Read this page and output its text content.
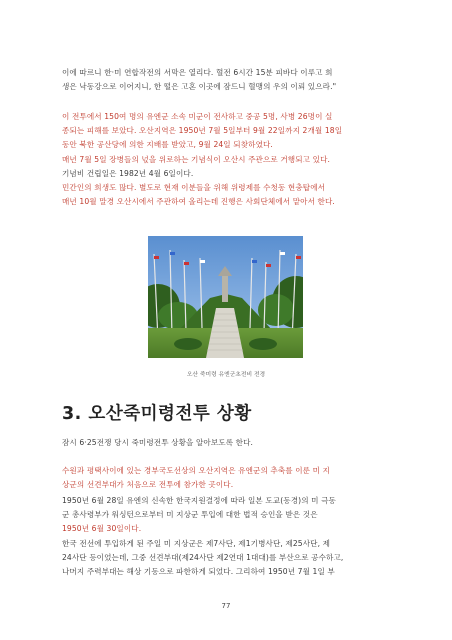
이에 따르니 한·미 연합작전의 서막은 열리다. 혈전 6시간 15분 피바다 이루고 희
생은 낙동강으로 이어지니, 한 떨은 고혼 이곳에 잠드니 혈맹의 우의 이뢰 있으라."
이 전투에서 150여 명의 유엔군 소속 미군이 전사하고 중공 5명, 사병 26명이 실
종되는 피해를 보았다. 오산지역은 1950년 7월 5일부터 9월 22일까지 2개월 18일
동안 북한 공산당에 의한 지배를 받았고, 9월 24일 되찾하였다.
매년 7월 5일 장병들의 넋을 위로하는 기념식이 오산시 주관으로 거행되고 있다.
기념비 건립일은 1982년 4월 6일이다.
민간인의 희생도 많다. 별도로 현재 이분들을 위해 위령제를 수청동 현충탑에서
매년 10월 말경 오산시에서 주관하여 올리는데 진행은 사회단체에서 맡아서 한다.
오산 죽미령 유엔군초전비 전경
3. 오산죽미령전투 상황
잠시 6·25전쟁 당시 죽미령전투 상황을 알아보도록 한다.
수원과 평택사이에 있는 경부국도선상의 오산지역은 유엔군의 추축를 이룬 미 지
상군의 선견부대가 처음으로 전투에 참가한 곳이다.
1950년 6월 28일 유엔의 신속한 한국지원결정에 따라 일본 도교(동경)의 미 극동
군 총사령부가 워싱턴으로부터 미 지상군 투입에 대한 법적 승인을 받은 것은
1950년 6월 30일이다.
한국 전선에 투입하게 된 주일 미 지상군은 제7사단, 제1기병사단, 제25사단, 제
24사단 등이었는데, 그중 선견부대(제24사단 제2연대 1대대)를 부산으로 공수하고,
나머지 주력부대는 해상 기동으로 파한하게 되었다. 그리하여 1950년 7월 1일 부
77
